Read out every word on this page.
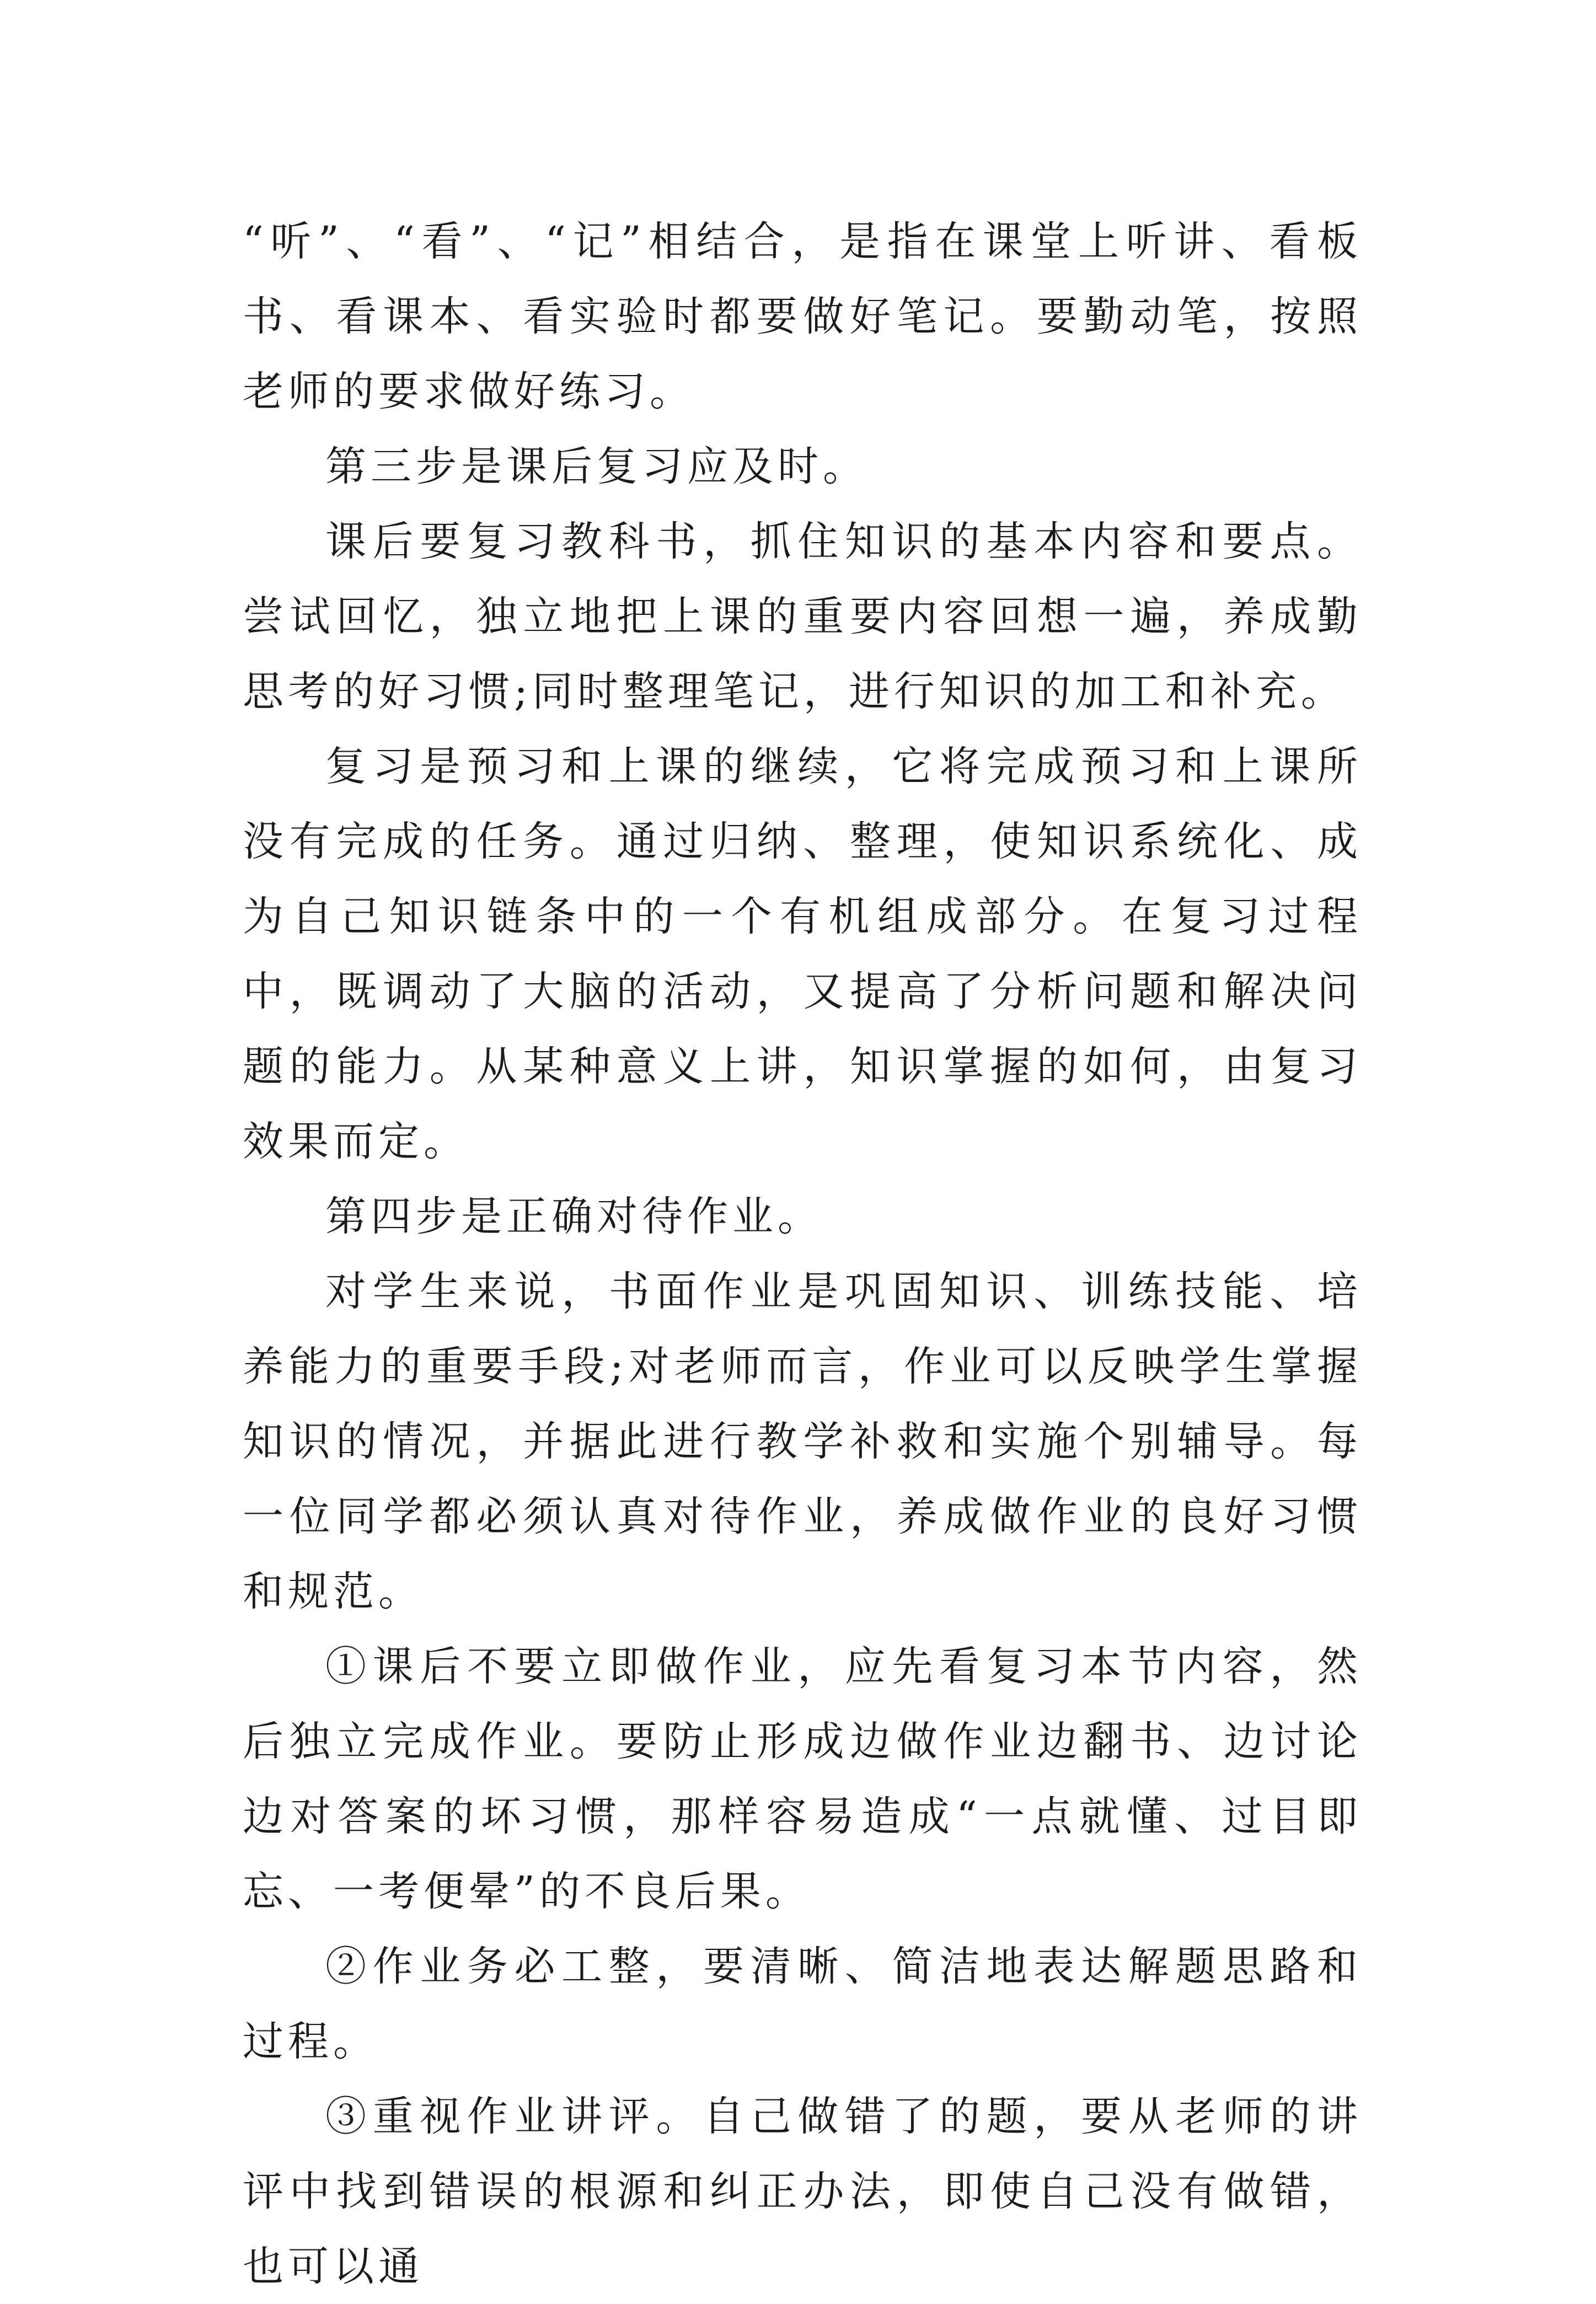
“听”、“看”、“记”相结合，是指在课堂上听讲、看板书、看课本、看实验时都要做好笔记。要勤动笔，按照老师的要求做好练习。

第三步是课后复习应及时。

课后要复习教科书，抓住知识的基本内容和要点。尝试回忆，独立地把上课的重要内容回想一遍，养成勤思考的好习惯;同时整理笔记，进行知识的加工和补充。

复习是预习和上课的继续，它将完成预习和上课所没有完成的任务。通过归纳、整理，使知识系统化、成为自己知识链条中的一个有机组成部分。在复习过程中，既调动了大脑的活动，又提高了分析问题和解决问题的能力。从某种意义上讲，知识掌握的如何，由复习效果而定。

第四步是正确对待作业。

对学生来说，书面作业是巩固知识、训练技能、培养能力的重要手段;对老师而言，作业可以反映学生掌握知识的情况，并据此进行教学补救和实施个别辅导。每一位同学都必须认真对待作业，养成做作业的良好习惯和规范。

①课后不要立即做作业，应先看复习本节内容，然后独立完成作业。要防止形成边做作业边翻书、边讨论边对答案的坏习惯，那样容易造成“一点就懂、过目即忘、一考便晕”的不良后果。

②作业务必工整，要清晰、简洁地表达解题思路和过程。

③重视作业讲评。自己做错了的题，要从老师的讲评中找到错误的根源和纠正办法，即使自己没有做错，也可以通
